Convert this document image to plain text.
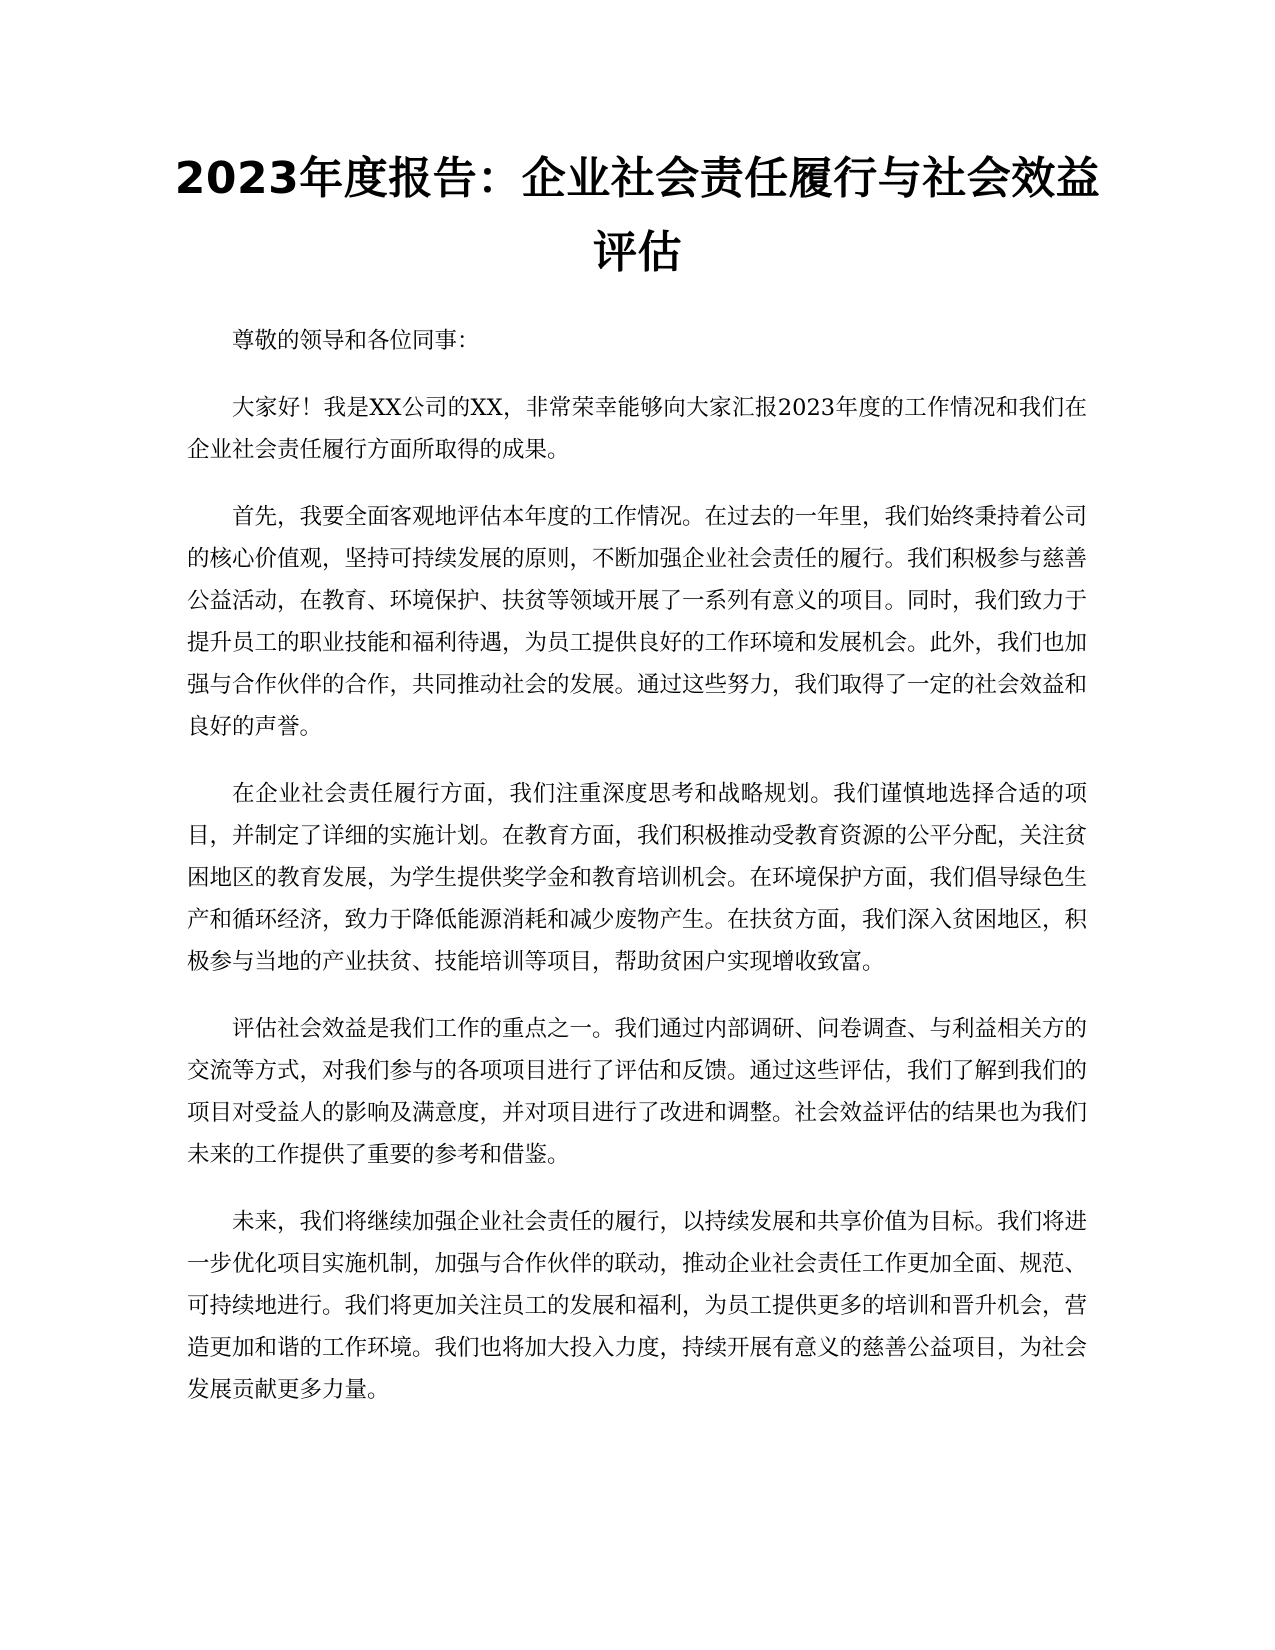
2023年度报告：企业社会责任履行与社会效益评估

尊敬的领导和各位同事：

大家好！我是XX公司的XX，非常荣幸能够向大家汇报2023年度的工作情况和我们在企业社会责任履行方面所取得的成果。

首先，我要全面客观地评估本年度的工作情况。在过去的一年里，我们始终秉持着公司的核心价值观，坚持可持续发展的原则，不断加强企业社会责任的履行。我们积极参与慈善公益活动，在教育、环境保护、扶贫等领域开展了一系列有意义的项目。同时，我们致力于提升员工的职业技能和福利待遇，为员工提供良好的工作环境和发展机会。此外，我们也加强与合作伙伴的合作，共同推动社会的发展。通过这些努力，我们取得了一定的社会效益和良好的声誉。

在企业社会责任履行方面，我们注重深度思考和战略规划。我们谨慎地选择合适的项目，并制定了详细的实施计划。在教育方面，我们积极推动受教育资源的公平分配，关注贫困地区的教育发展，为学生提供奖学金和教育培训机会。在环境保护方面，我们倡导绿色生产和循环经济，致力于降低能源消耗和减少废物产生。在扶贫方面，我们深入贫困地区，积极参与当地的产业扶贫、技能培训等项目，帮助贫困户实现增收致富。

评估社会效益是我们工作的重点之一。我们通过内部调研、问卷调查、与利益相关方的交流等方式，对我们参与的各项项目进行了评估和反馈。通过这些评估，我们了解到我们的项目对受益人的影响及满意度，并对项目进行了改进和调整。社会效益评估的结果也为我们未来的工作提供了重要的参考和借鉴。

未来，我们将继续加强企业社会责任的履行，以持续发展和共享价值为目标。我们将进一步优化项目实施机制，加强与合作伙伴的联动，推动企业社会责任工作更加全面、规范、可持续地进行。我们将更加关注员工的发展和福利，为员工提供更多的培训和晋升机会，营造更加和谐的工作环境。我们也将加大投入力度，持续开展有意义的慈善公益项目，为社会发展贡献更多力量。
